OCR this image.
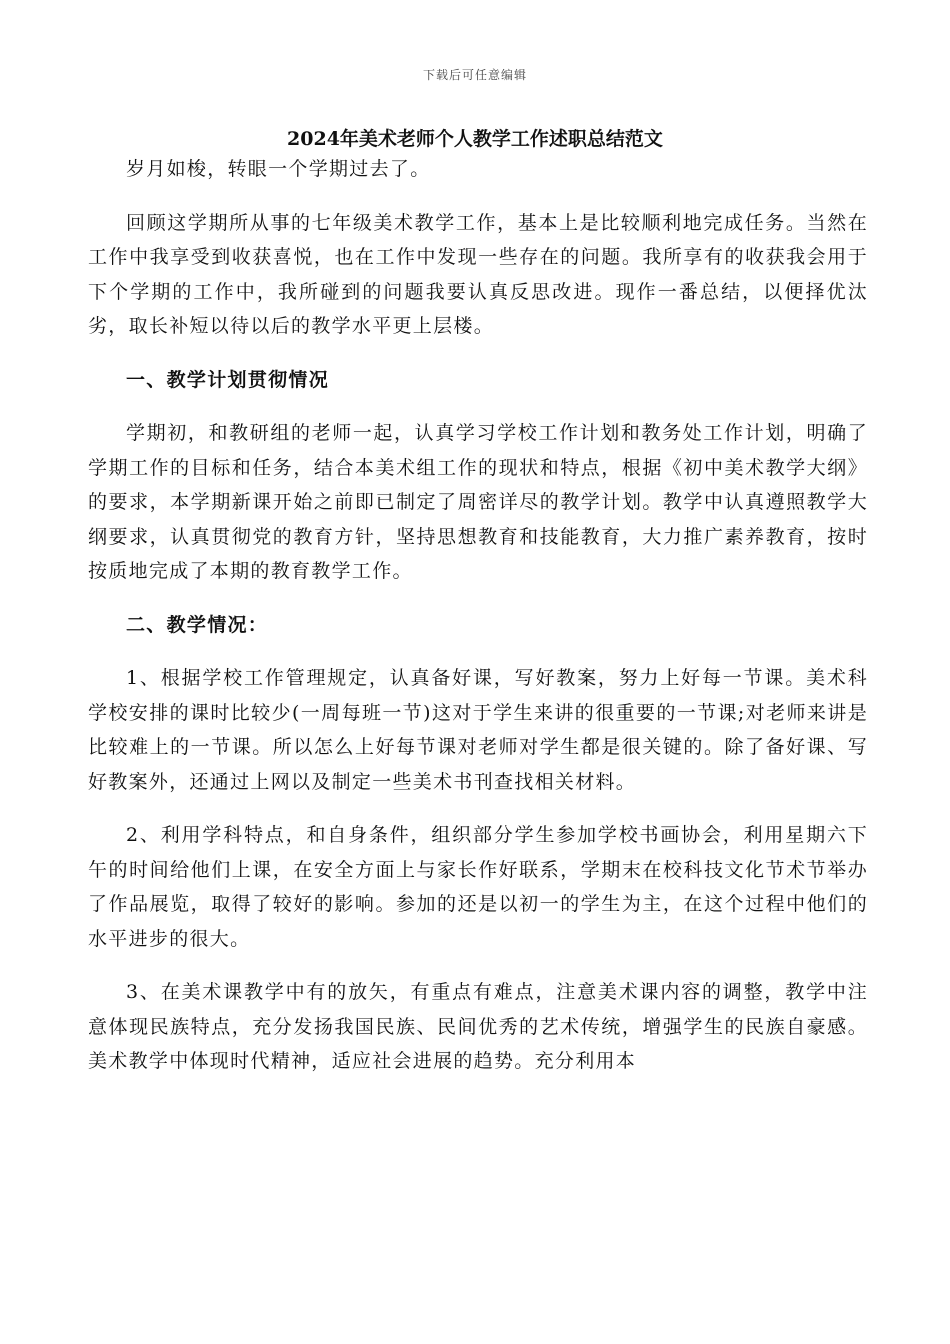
下载后可任意编辑
2024年美术老师个人教学工作述职总结范文

岁月如梭，转眼一个学期过去了。

回顾这学期所从事的七年级美术教学工作，基本上是比较顺利地完成任务。当然在工作中我享受到收获喜悦，也在工作中发现一些存在的问题。我所享有的收获我会用于下个学期的工作中，我所碰到的问题我要认真反思改进。现作一番总结，以便择优汰劣，取长补短以待以后的教学水平更上层楼。

一、教学计划贯彻情况

学期初，和教研组的老师一起，认真学习学校工作计划和教务处工作计划，明确了学期工作的目标和任务，结合本美术组工作的现状和特点，根据《初中美术教学大纲》的要求，本学期新课开始之前即已制定了周密详尽的教学计划。教学中认真遵照教学大纲要求，认真贯彻党的教育方针，坚持思想教育和技能教育，大力推广素养教育，按时按质地完成了本期的教育教学工作。

二、教学情况：

1、根据学校工作管理规定，认真备好课，写好教案，努力上好每一节课。美术科学校安排的课时比较少(一周每班一节)这对于学生来讲的很重要的一节课;对老师来讲是比较难上的一节课。所以怎么上好每节课对老师对学生都是很关键的。除了备好课、写好教案外，还通过上网以及制定一些美术书刊查找相关材料。

2、利用学科特点，和自身条件，组织部分学生参加学校书画协会，利用星期六下午的时间给他们上课，在安全方面上与家长作好联系，学期末在校科技文化节术节举办了作品展览，取得了较好的影响。参加的还是以初一的学生为主，在这个过程中他们的水平进步的很大。

3、在美术课教学中有的放矢，有重点有难点，注意美术课内容的调整，教学中注意体现民族特点，充分发扬我国民族、民间优秀的艺术传统，增强学生的民族自豪感。美术教学中体现时代精神，适应社会进展的趋势。充分利用本
